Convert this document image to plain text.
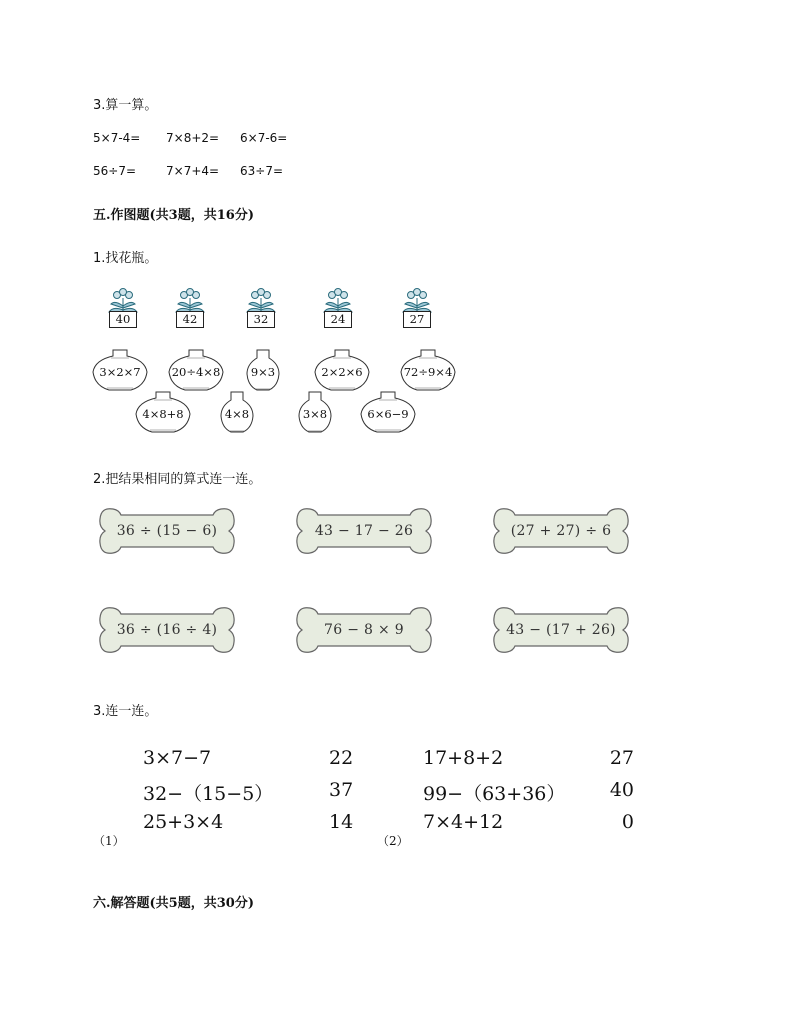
3.算一算。
5×7-4= 7×8+2= 6×7-6=
56÷7= 7×7+4= 63÷7=
五.作图题(共3题，共16分)
1.找花瓶。
40	42	32	24	27
3×2×7	20÷4×8	9×3	2×2×6	72÷9×4
4×8+8	4×8	3×8	6×6−9
2.把结果相同的算式连一连。
36 ÷ (15 − 6)	43 − 17 − 26	(27 + 27) ÷ 6
36 ÷ (16 ÷ 4)	76 − 8 × 9	43 − (17 + 26)
3.连一连。
3×7−7
32−（15−5）
25+3×4
22
37
14
（1）
17+8+2
99−（63+36）
7×4+12
27
40
0
（2）
六.解答题(共5题，共30分)
